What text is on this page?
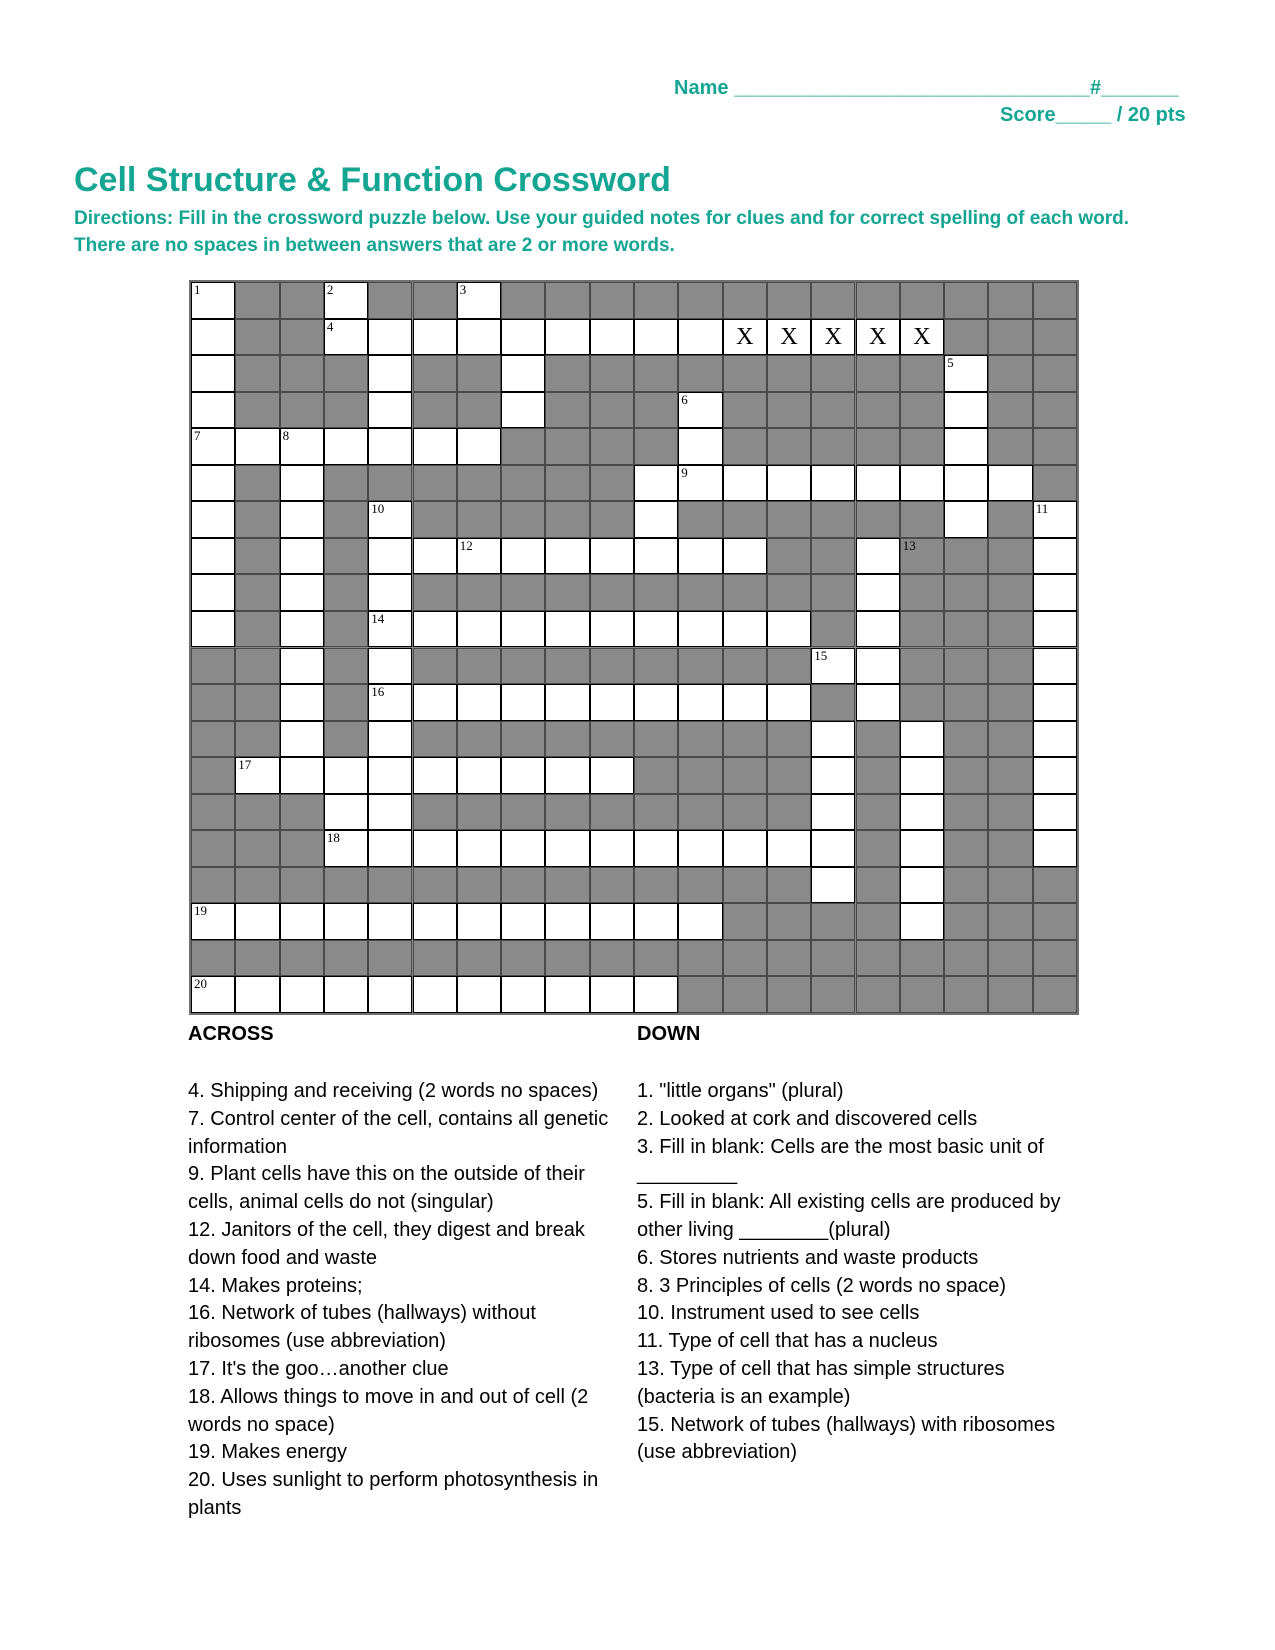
Name ________________________________#_______
Score_____ / 20 pts
Cell Structure & Function Crossword
Directions: Fill in the crossword puzzle below. Use your guided notes for clues and for correct spelling of each word.
There are no spaces in between answers that are 2 or more words.
1	2	3
4	X	X	X	X	X
5
6
7	8
9
10	11
12	13
14
15
16
17
18
19
20
ACROSS	DOWN
4. Shipping and receiving (2 words no spaces)
7. Control center of the cell, contains all genetic
information
9. Plant cells have this on the outside of their
cells, animal cells do not (singular)
12. Janitors of the cell, they digest and break
down food and waste
14. Makes proteins;
16. Network of tubes (hallways) without
ribosomes (use abbreviation)
17. It's the goo…another clue
18. Allows things to move in and out of cell (2
words no space)
19. Makes energy
20. Uses sunlight to perform photosynthesis in
plants
1. "little organs" (plural)
2. Looked at cork and discovered cells
3. Fill in blank: Cells are the most basic unit of
_________
5. Fill in blank: All existing cells are produced by
other living ________(plural)
6. Stores nutrients and waste products
8. 3 Principles of cells (2 words no space)
10. Instrument used to see cells
11. Type of cell that has a nucleus
13. Type of cell that has simple structures
(bacteria is an example)
15. Network of tubes (hallways) with ribosomes
(use abbreviation)
